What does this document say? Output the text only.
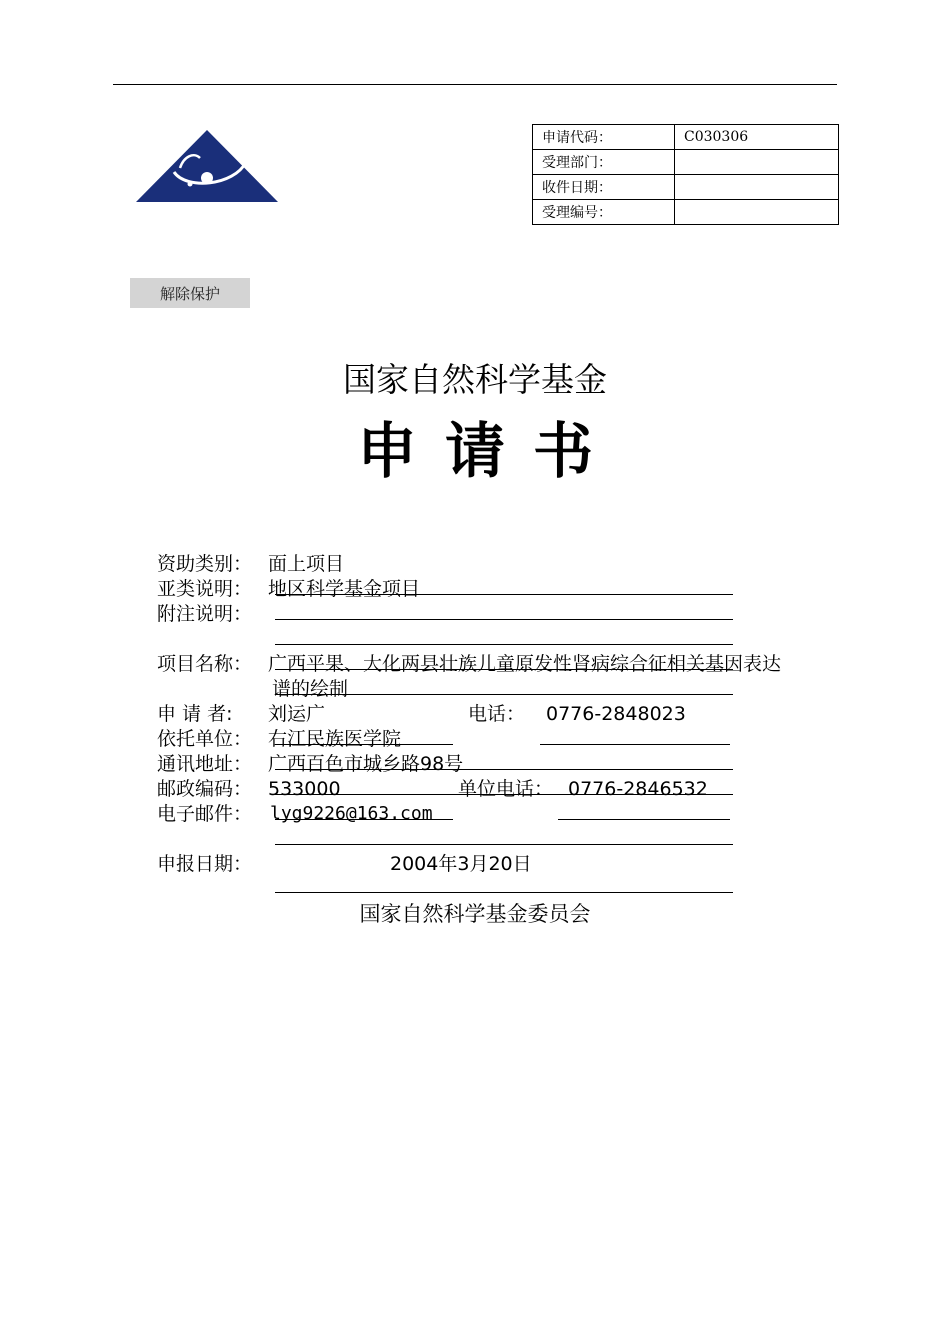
申请代码：	C030306
受理部门：	
收件日期：	
受理编号：	
解除保护
国家自然科学基金
申请书
资助类别： 面上项目
亚类说明： 地区科学基金项目
附注说明：
项目名称： 广西平果、大化两县壮族儿童原发性肾病综合征相关基因表达
谱的绘制
申 请 者: 刘运广	电话： 0776-2848023
依托单位： 右江民族医学院
通讯地址： 广西百色市城乡路98号
邮政编码： 533000	单位电话： 0776-2846532
电子邮件： lyg9226@163.com
申报日期：	2004年3月20日
国家自然科学基金委员会
